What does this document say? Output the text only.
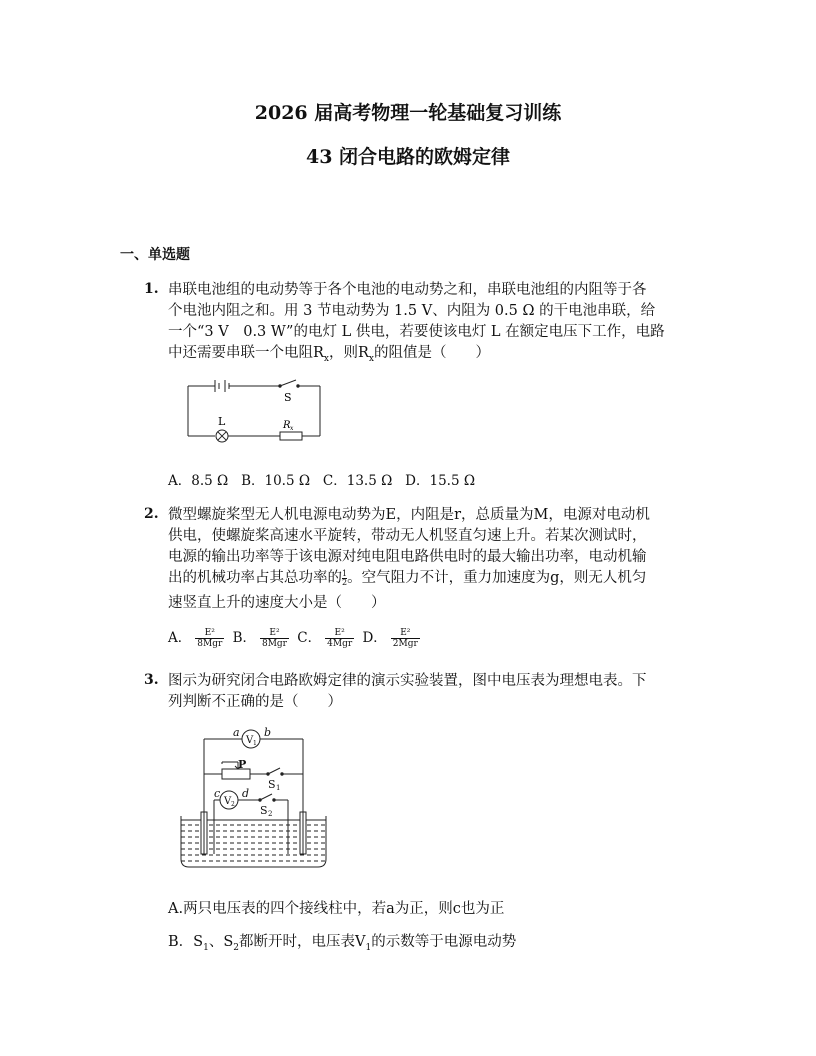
2026 届高考物理一轮基础复习训练
43 闭合电路的欧姆定律
一、单选题
1. 串联电池组的电动势等于各个电池的电动势之和，串联电池组的内阻等于各
个电池内阻之和。用 3 节电动势为 1.5 V、内阻为 0.5 Ω 的干电池串联，给
一个“3 V　0.3 W”的电灯 L 供电，若要使该电灯 L 在额定电压下工作，电路
中还需要串联一个电阻$R_x$，则$R_x$的阻值是（　　）
S
L	R x
A．8.5 Ω B．10.5 Ω C．13.5 Ω D．15.5 Ω
2. 微型螺旋桨型无人机电源电动势为E，内阻是r，总质量为M，电源对电动机
供电，使螺旋桨高速水平旋转，带动无人机竖直匀速上升。若某次测试时，
电源的输出功率等于该电源对纯电阻电路供电时的最大输出功率，电动机输
出的机械功率占其总功率的 $\frac{1}{2}$ 。空气阻力不计，重力加速度为g，则无人机匀
速竖直上升的速度大小是（　　）
A． $\frac{\text{E²}}{\text{8Mgr}}$ B． $\frac{\text{E²}}{\text{8Mgr}}$ C． $\frac{\text{E²}}{\text{4Mgr}}$ D． $\frac{\text{E²}}{\text{2Mgr}}$
3. 图示为研究闭合电路欧姆定律的演示实验装置，图中电压表为理想电表。下
列判断不正确的是（　　）
a b
V 1
P
S 1
c d
V 2 S 2
A.两只电压表的四个接线柱中，若a为正，则c也为正
B．$S_1$、$S_2$都断开时，电压表$V_1$的示数等于电源电动势
